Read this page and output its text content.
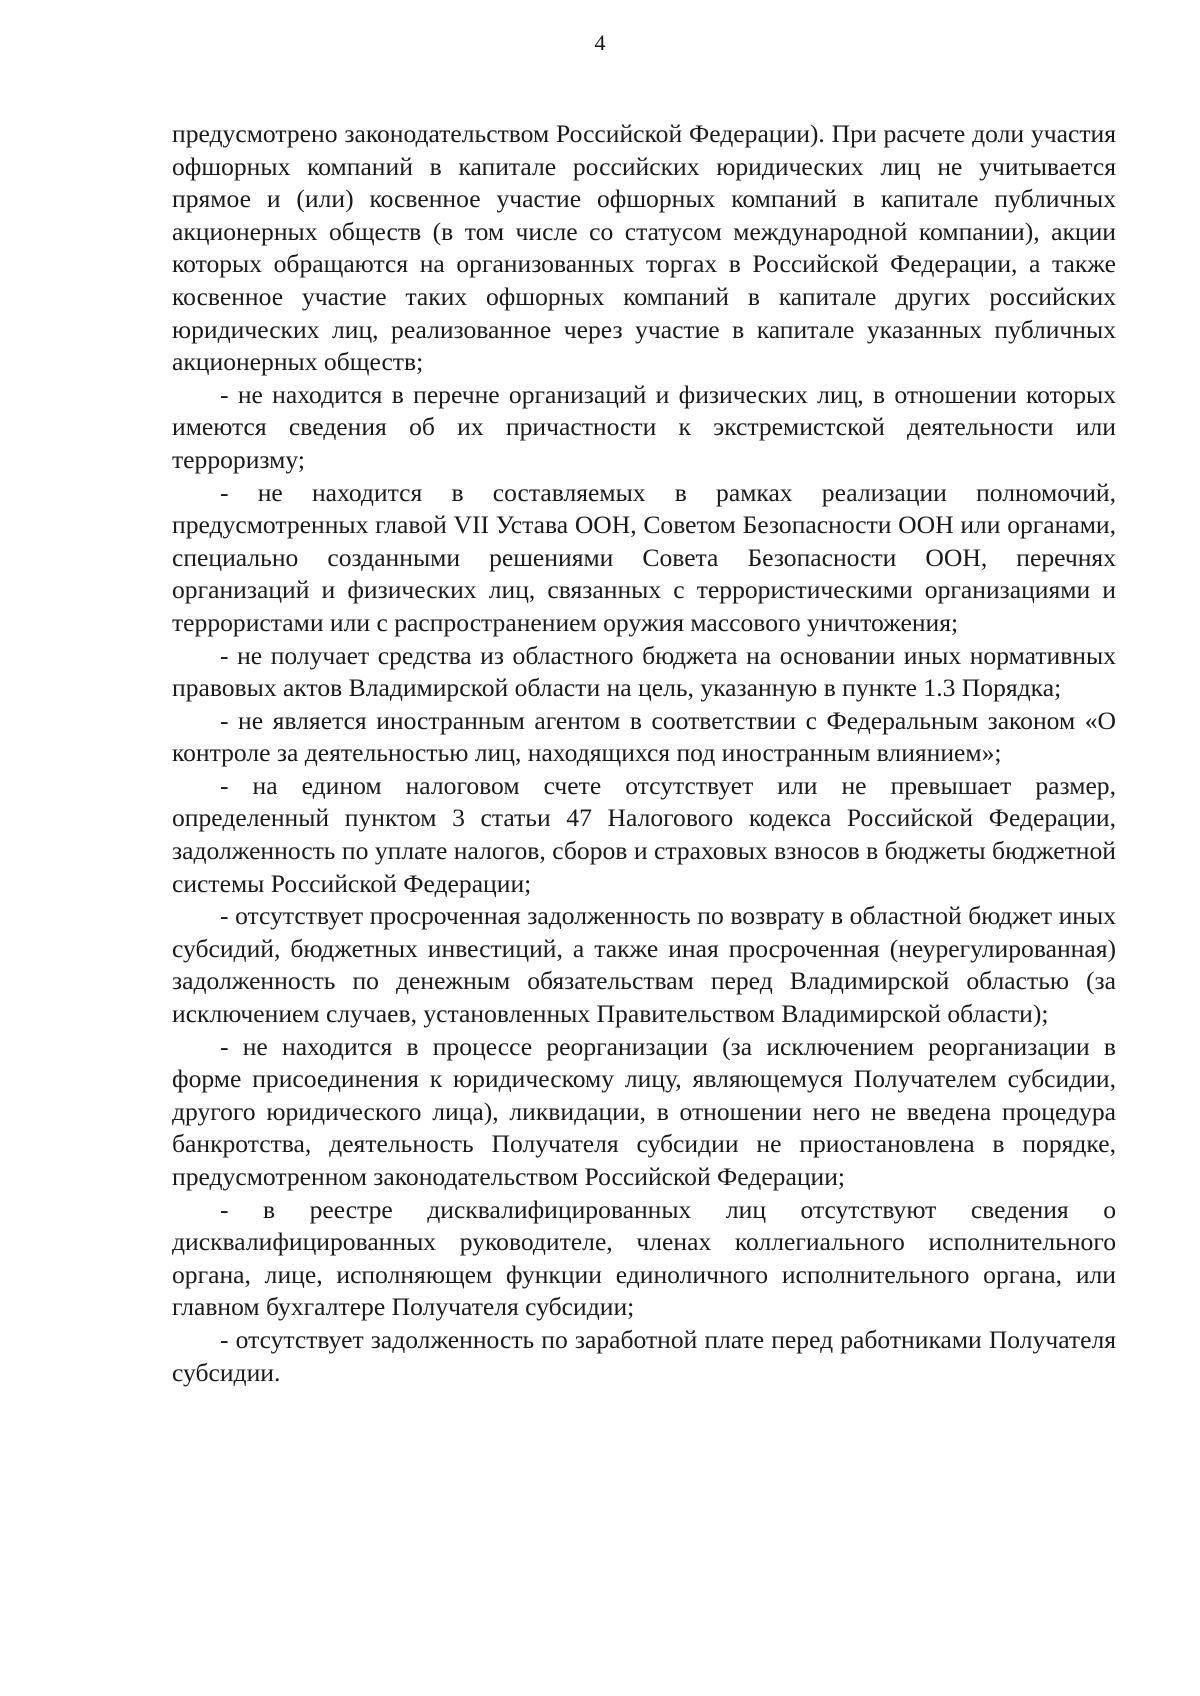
4

предусмотрено законодательством Российской Федерации). При расчете доли участия офшорных компаний в капитале российских юридических лиц не учитывается прямое и (или) косвенное участие офшорных компаний в капитале публичных акционерных обществ (в том числе со статусом международной компании), акции которых обращаются на организованных торгах в Российской Федерации, а также косвенное участие таких офшорных компаний в капитале других российских юридических лиц, реализованное через участие в капитале указанных публичных акционерных обществ;

- не находится в перечне организаций и физических лиц, в отношении которых имеются сведения об их причастности к экстремистской деятельности или терроризму;

- не находится в составляемых в рамках реализации полномочий, предусмотренных главой VII Устава ООН, Советом Безопасности ООН или органами, специально созданными решениями Совета Безопасности ООН, перечнях организаций и физических лиц, связанных с террористическими организациями и террористами или с распространением оружия массового уничтожения;

- не получает средства из областного бюджета на основании иных нормативных правовых актов Владимирской области на цель, указанную в пункте 1.3 Порядка;

- не является иностранным агентом в соответствии с Федеральным законом «О контроле за деятельностью лиц, находящихся под иностранным влиянием»;

- на едином налоговом счете отсутствует или не превышает размер, определенный пунктом 3 статьи 47 Налогового кодекса Российской Федерации, задолженность по уплате налогов, сборов и страховых взносов в бюджеты бюджетной системы Российской Федерации;

- отсутствует просроченная задолженность по возврату в областной бюджет иных субсидий, бюджетных инвестиций, а также иная просроченная (неурегулированная) задолженность по денежным обязательствам перед Владимирской областью (за исключением случаев, установленных Правительством Владимирской области);

- не находится в процессе реорганизации (за исключением реорганизации в форме присоединения к юридическому лицу, являющемуся Получателем субсидии, другого юридического лица), ликвидации, в отношении него не введена процедура банкротства, деятельность Получателя субсидии не приостановлена в порядке, предусмотренном законодательством Российской Федерации;

- в реестре дисквалифицированных лиц отсутствуют сведения о дисквалифицированных руководителе, членах коллегиального исполнительного органа, лице, исполняющем функции единоличного исполнительного органа, или главном бухгалтере Получателя субсидии;

- отсутствует задолженность по заработной плате перед работниками Получателя субсидии.
